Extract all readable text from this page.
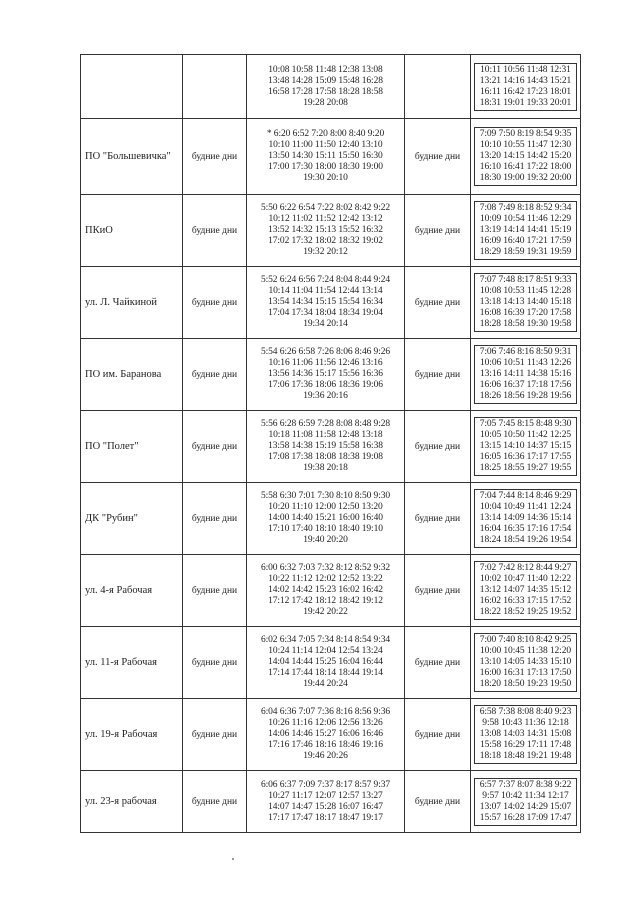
		10:08 10:58 11:48 12:38 13:08
13:48 14:28 15:09 15:48 16:28
16:58 17:28 17:58 18:28 18:58
19:28 20:08		10:11 10:56 11:48 12:31
13:21 14:16 14:43 15:21
16:11 16:42 17:23 18:01
18:31 19:01 19:33 20:01

ПО "Большевичка"	будние дни	* 6:20 6:52 7:20 8:00 8:40 9:20
10:10 11:00 11:50 12:40 13:10
13:50 14:30 15:11 15:50 16:30
17:00 17:30 18:00 18:30 19:00
19:30 20:10	будние дни	7:09 7:50 8:19 8:54 9:35
10:10 10:55 11:47 12:30
13:20 14:15 14:42 15:20
16:10 16:41 17:22 18:00
18:30 19:00 19:32 20:00

ПКиО	будние дни	5:50 6:22 6:54 7:22 8:02 8:42 9:22
10:12 11:02 11:52 12:42 13:12
13:52 14:32 15:13 15:52 16:32
17:02 17:32 18:02 18:32 19:02
19:32 20:12	будние дни	7:08 7:49 8:18 8:52 9:34
10:09 10:54 11:46 12:29
13:19 14:14 14:41 15:19
16:09 16:40 17:21 17:59
18:29 18:59 19:31 19:59

ул. Л. Чайкиной	будние дни	5:52 6:24 6:56 7:24 8:04 8:44 9:24
10:14 11:04 11:54 12:44 13:14
13:54 14:34 15:15 15:54 16:34
17:04 17:34 18:04 18:34 19:04
19:34 20:14	будние дни	7:07 7:48 8:17 8:51 9:33
10:08 10:53 11:45 12:28
13:18 14:13 14:40 15:18
16:08 16:39 17:20 17:58
18:28 18:58 19:30 19:58

ПО им. Баранова	будние дни	5:54 6:26 6:58 7:26 8:06 8:46 9:26
10:16 11:06 11:56 12:46 13:16
13:56 14:36 15:17 15:56 16:36
17:06 17:36 18:06 18:36 19:06
19:36 20:16	будние дни	7:06 7:46 8:16 8:50 9:31
10:06 10:51 11:43 12:26
13:16 14:11 14:38 15:16
16:06 16:37 17:18 17:56
18:26 18:56 19:28 19:56

ПО "Полет"	будние дни	5:56 6:28 6:59 7:28 8:08 8:48 9:28
10:18 11:08 11:58 12:48 13:18
13:58 14:38 15:19 15:58 16:38
17:08 17:38 18:08 18:38 19:08
19:38 20:18	будние дни	7:05 7:45 8:15 8:48 9:30
10:05 10:50 11:42 12:25
13:15 14:10 14:37 15:15
16:05 16:36 17:17 17:55
18:25 18:55 19:27 19:55

ДК "Рубин"	будние дни	5:58 6:30 7:01 7:30 8:10 8:50 9:30
10:20 11:10 12:00 12:50 13:20
14:00 14:40 15:21 16:00 16:40
17:10 17:40 18:10 18:40 19:10
19:40 20:20	будние дни	7:04 7:44 8:14 8:46 9:29
10:04 10:49 11:41 12:24
13:14 14:09 14:36 15:14
16:04 16:35 17:16 17:54
18:24 18:54 19:26 19:54

ул. 4-я Рабочая	будние дни	6:00 6:32 7:03 7:32 8:12 8:52 9:32
10:22 11:12 12:02 12:52 13:22
14:02 14:42 15:23 16:02 16:42
17:12 17:42 18:12 18:42 19:12
19:42 20:22	будние дни	7:02 7:42 8:12 8:44 9:27
10:02 10:47 11:40 12:22
13:12 14:07 14:35 15:12
16:02 16:33 17:15 17:52
18:22 18:52 19:25 19:52

ул. 11-я Рабочая	будние дни	6:02 6:34 7:05 7:34 8:14 8:54 9:34
10:24 11:14 12:04 12:54 13:24
14:04 14:44 15:25 16:04 16:44
17:14 17:44 18:14 18:44 19:14
19:44 20:24	будние дни	7:00 7:40 8:10 8:42 9:25
10:00 10:45 11:38 12:20
13:10 14:05 14:33 15:10
16:00 16:31 17:13 17:50
18:20 18:50 19:23 19:50

ул. 19-я Рабочая	будние дни	6:04 6:36 7:07 7:36 8:16 8:56 9:36
10:26 11:16 12:06 12:56 13:26
14:06 14:46 15:27 16:06 16:46
17:16 17:46 18:16 18:46 19:16
19:46 20:26	будние дни	6:58 7:38 8:08 8:40 9:23
9:58 10:43 11:36 12:18
13:08 14:03 14:31 15:08
15:58 16:29 17:11 17:48
18:18 18:48 19:21 19:48

ул. 23-я рабочая	будние дни	6:06 6:37 7:09 7:37 8:17 8:57 9:37
10:27 11:17 12:07 12:57 13:27
14:07 14:47 15:28 16:07 16:47
17:17 17:47 18:17 18:47 19:17	будние дни	6:57 7:37 8:07 8:38 9:22
9:57 10:42 11:34 12:17
13:07 14:02 14:29 15:07
15:57 16:28 17:09 17:47
